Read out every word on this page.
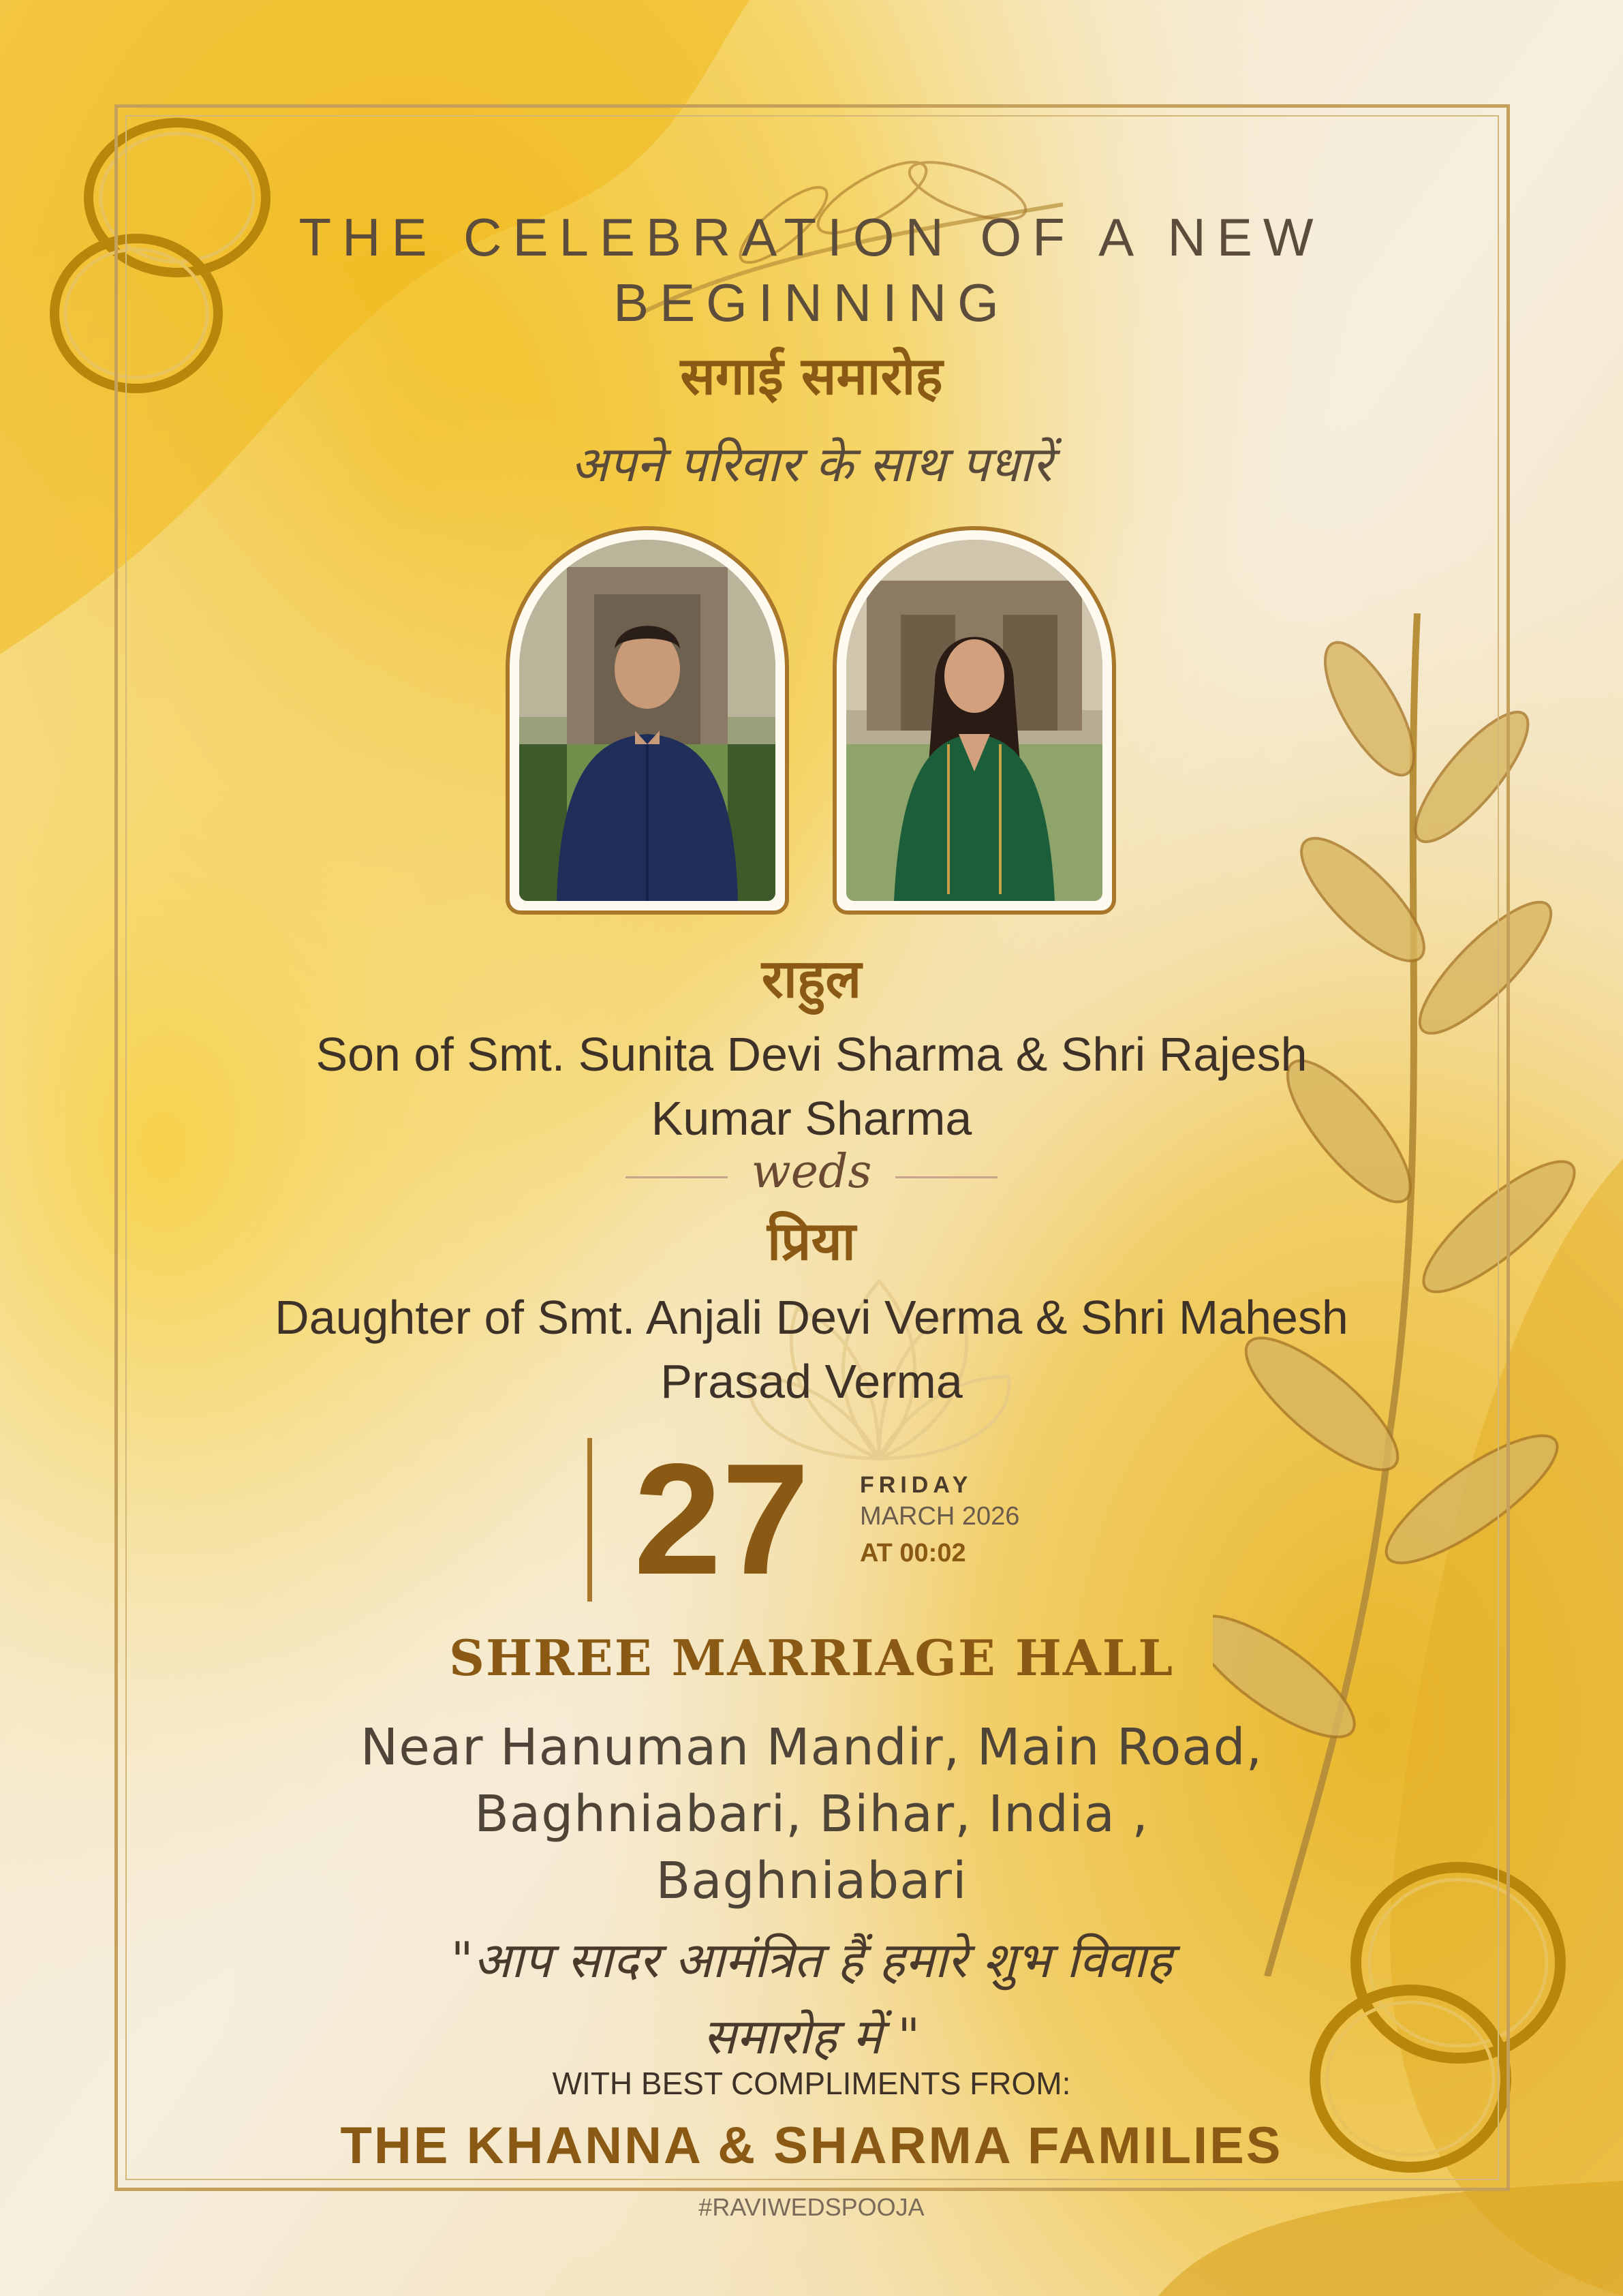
THE CELEBRATION OF A NEW
BEGINNING
सगाई समारोह
अपने परिवार के साथ पधारें
राहुल
Son of Smt. Sunita Devi Sharma & Shri Rajesh
Kumar Sharma
weds
प्रिया
Daughter of Smt. Anjali Devi Verma & Shri Mahesh
Prasad Verma
27 FRIDAY
MARCH 2026
AT 00:02
SHREE MARRIAGE HALL
Near Hanuman Mandir, Main Road,
Baghniabari, Bihar, India ,
Baghniabari
"आप सादर आमंत्रित हैं हमारे शुभ विवाह
समारोह में "
WITH BEST COMPLIMENTS FROM:
THE KHANNA & SHARMA FAMILIES
#RAVIWEDSPOOJA
